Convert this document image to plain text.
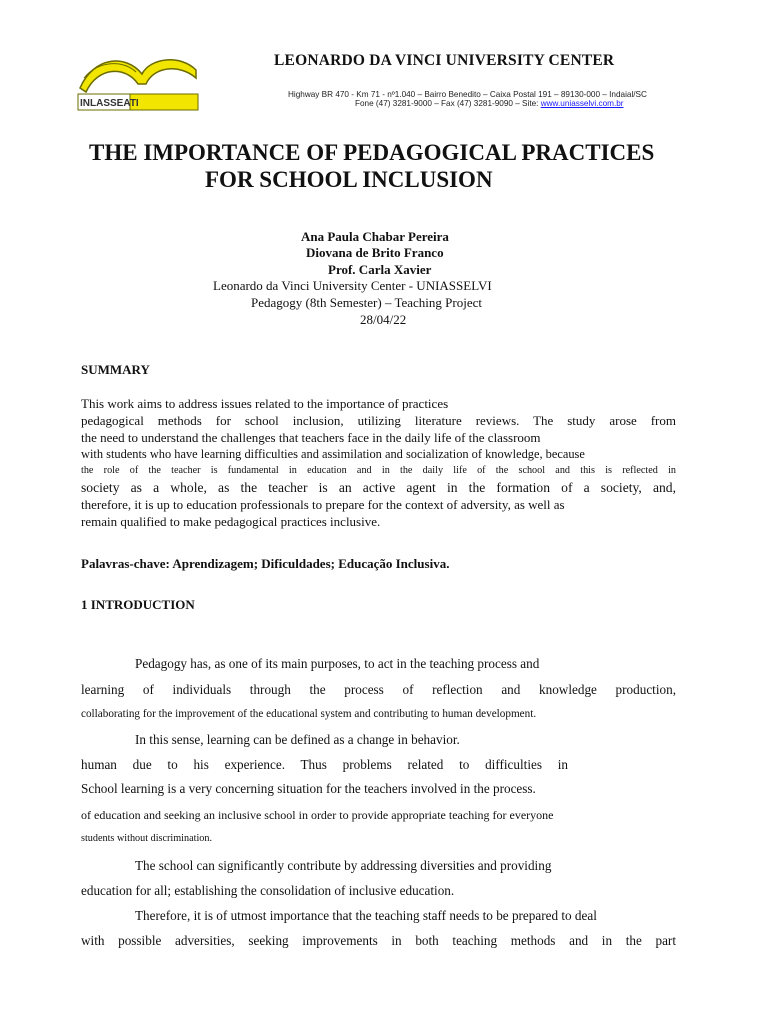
INLASSEATI
LEONARDO DA VINCI UNIVERSITY CENTER
Highway BR 470 - Km 71 - nº1.040 – Bairro Benedito – Caixa Postal 191 – 89130-000 – Indaial/SC
Fone (47) 3281-9000 – Fax (47) 3281-9090 – Site: www.uniasselvi.com.br
THE IMPORTANCE OF PEDAGOGICAL PRACTICES
FOR SCHOOL INCLUSION
Ana Paula Chabar Pereira
Diovana de Brito Franco
Prof. Carla Xavier
Leonardo da Vinci University Center - UNIASSELVI
Pedagogy (8th Semester) – Teaching Project
28/04/22
SUMMARY
This work aims to address issues related to the importance of practices
pedagogical methods for school inclusion, utilizing literature reviews. The study arose from
the need to understand the challenges that teachers face in the daily life of the classroom
with students who have learning difficulties and assimilation and socialization of knowledge, because
the role of the teacher is fundamental in education and in the daily life of the school and this is reflected in
society as a whole, as the teacher is an active agent in the formation of a society, and,
therefore, it is up to education professionals to prepare for the context of adversity, as well as
remain qualified to make pedagogical practices inclusive.
Palavras-chave: Aprendizagem; Dificuldades; Educação Inclusiva.
1 INTRODUCTION
Pedagogy has, as one of its main purposes, to act in the teaching process and
learning of individuals through the process of reflection and knowledge production,
collaborating for the improvement of the educational system and contributing to human development.
In this sense, learning can be defined as a change in behavior.
human due to his experience. Thus problems related to difficulties in
School learning is a very concerning situation for the teachers involved in the process.
of education and seeking an inclusive school in order to provide appropriate teaching for everyone
students without discrimination.
The school can significantly contribute by addressing diversities and providing
education for all; establishing the consolidation of inclusive education.
Therefore, it is of utmost importance that the teaching staff needs to be prepared to deal
with possible adversities, seeking improvements in both teaching methods and in the part
